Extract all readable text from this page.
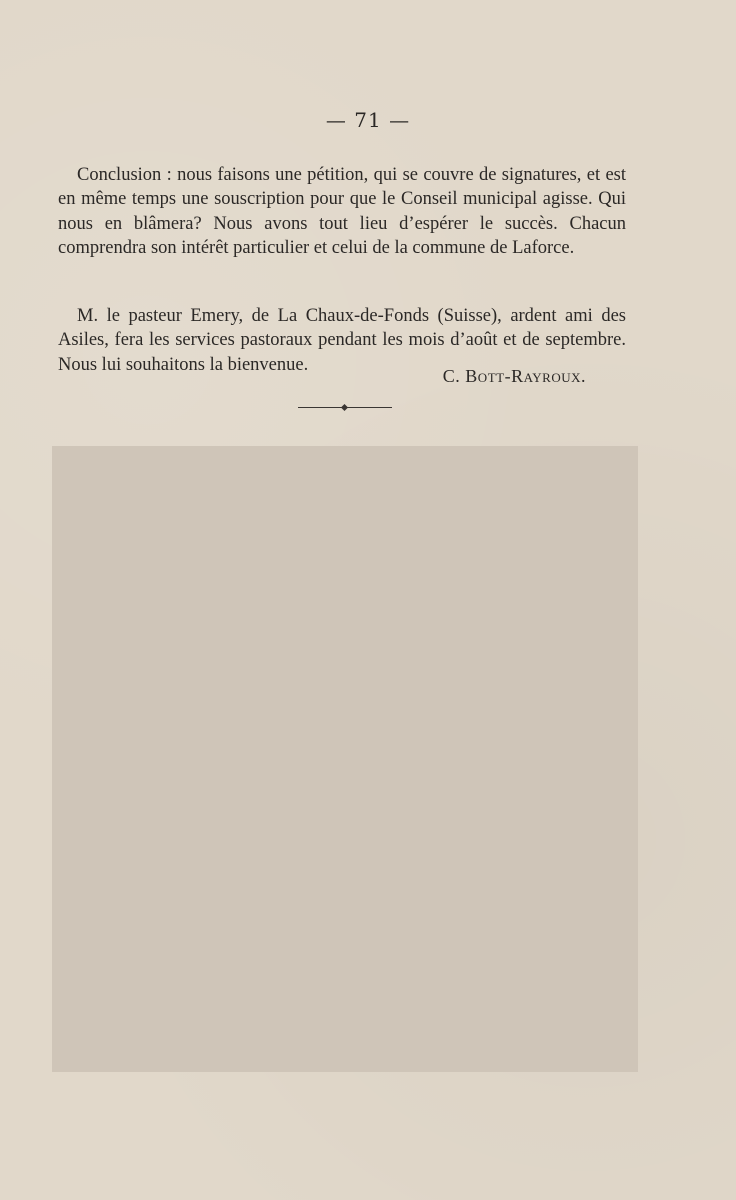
— 71 —

Conclusion : nous faisons une pétition, qui se couvre de signatures, et est en même temps une souscription pour que le Conseil municipal agisse. Qui nous en blâmera? Nous avons tout lieu d’espérer le succès. Chacun comprendra son intérêt particulier et celui de la commune de Laforce.

M. le pasteur Emery, de La Chaux-de-Fonds (Suisse), ardent ami des Asiles, fera les services pastoraux pendant les mois d’août et de septembre. Nous lui souhaitons la bienvenue.

C. Bott-Rayroux.
